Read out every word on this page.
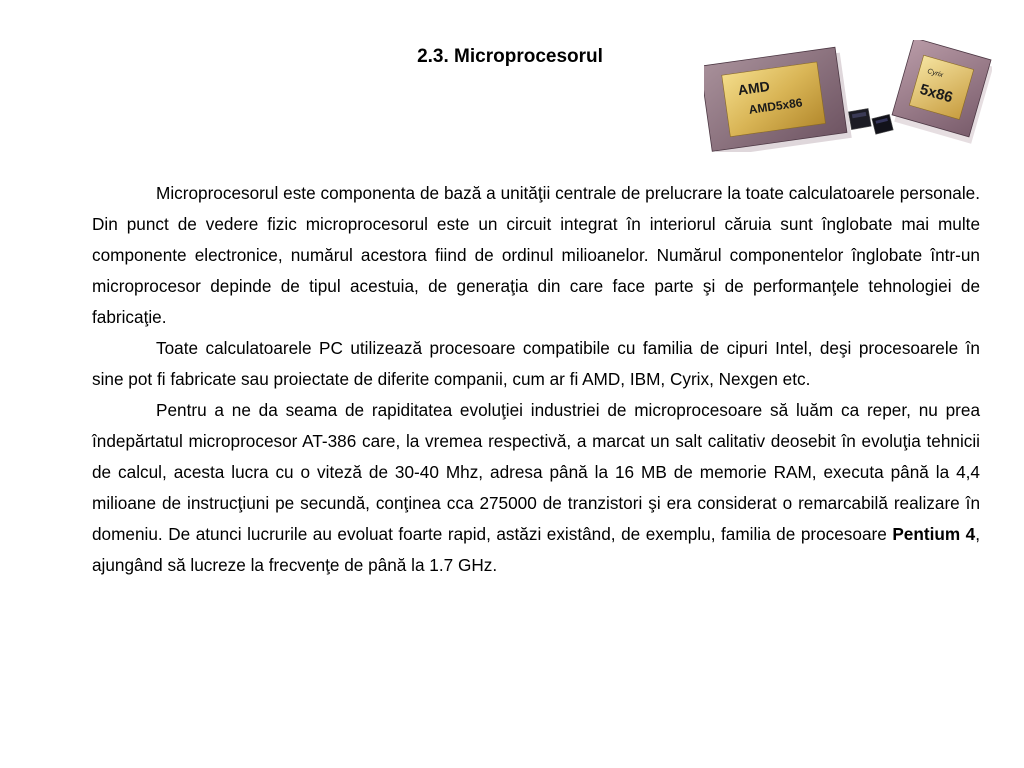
2.3. Microprocesorul
AMD
AMD5x86
Cyrix
5x86

Microprocesorul este componenta de bază a unităţii centrale de prelucrare la toate calculatoarele personale. Din punct de vedere fizic microprocesorul este un circuit integrat în interiorul căruia sunt înglobate mai multe componente electronice, numărul acestora fiind de ordinul milioanelor. Numărul componentelor înglobate într-un microprocesor depinde de tipul acestuia, de generaţia din care face parte şi de performanţele tehnologiei de fabricaţie.

Toate calculatoarele PC utilizează procesoare compatibile cu familia de cipuri Intel, deşi procesoarele în sine pot fi fabricate sau proiectate de diferite companii, cum ar fi AMD, IBM, Cyrix, Nexgen etc.

Pentru a ne da seama de rapiditatea evoluţiei industriei de microprocesoare să luăm ca reper, nu prea îndepărtatul microprocesor AT-386 care, la vremea respectivă, a marcat un salt calitativ deosebit în evoluţia tehnicii de calcul, acesta lucra cu o viteză de 30-40 Mhz, adresa până la 16 MB de memorie RAM, executa până la 4,4 milioane de instrucţiuni pe secundă, conţinea cca 275000 de tranzistori şi era considerat o remarcabilă realizare în domeniu. De atunci lucrurile au evoluat foarte rapid, astăzi existând, de exemplu, familia de procesoare Pentium 4, ajungând să lucreze la frecvenţe de până la 1.7 GHz.
